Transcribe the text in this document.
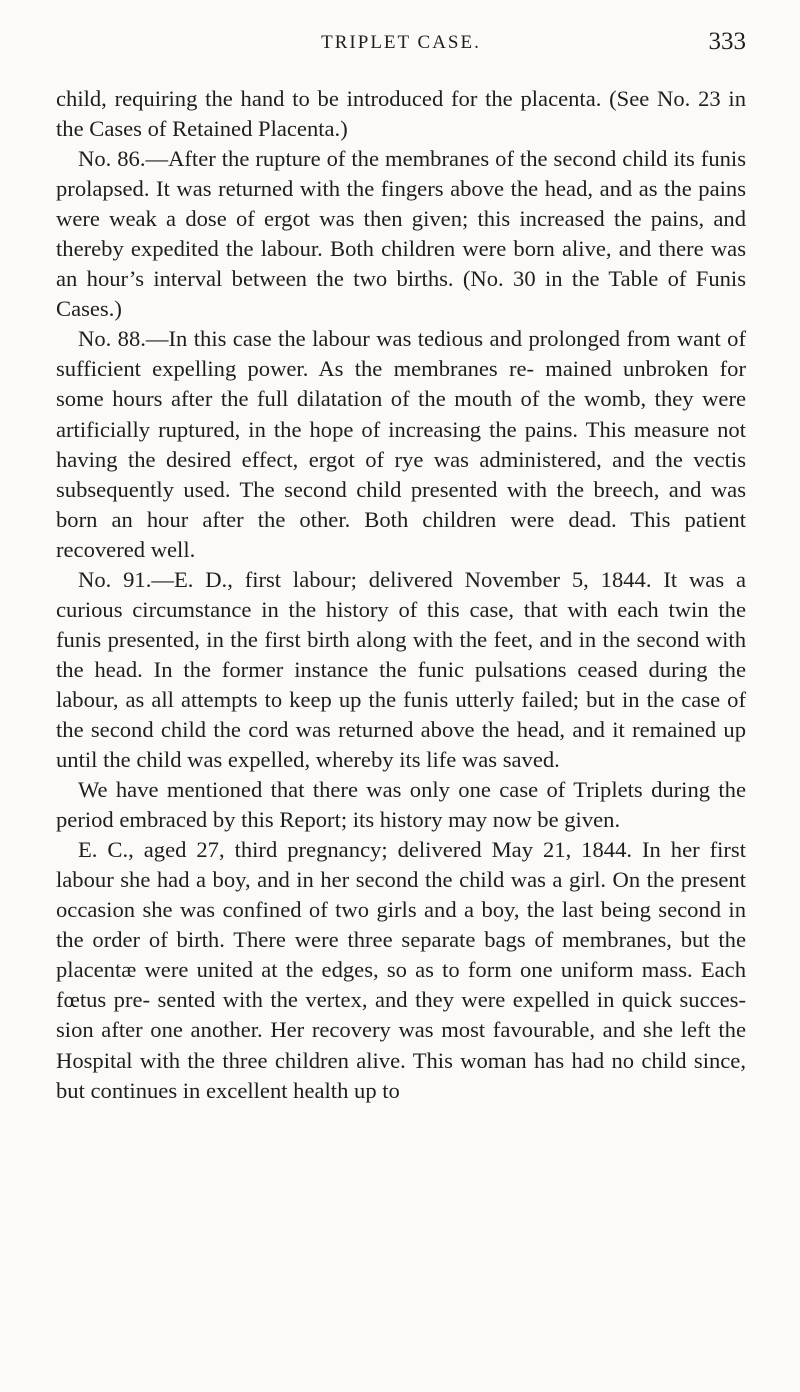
TRIPLET CASE.	333

child, requiring the hand to be introduced for the placenta. (See No. 23 in the Cases of Retained Placenta.)

No. 86.—After the rupture of the membranes of the second child its funis prolapsed. It was returned with the fingers above the head, and as the pains were weak a dose of ergot was then given; this increased the pains, and thereby expedited the labour. Both children were born alive, and there was an hour’s interval between the two births. (No. 30 in the Table of Funis Cases.)

No. 88.—In this case the labour was tedious and prolonged from want of sufficient expelling power. As the membranes re- mained unbroken for some hours after the full dilatation of the mouth of the womb, they were artificially ruptured, in the hope of increasing the pains. This measure not having the desired effect, ergot of rye was administered, and the vectis subsequently used. The second child presented with the breech, and was born an hour after the other. Both children were dead. This patient recovered well.

No. 91.—E. D., first labour; delivered November 5, 1844. It was a curious circumstance in the history of this case, that with each twin the funis presented, in the first birth along with the feet, and in the second with the head. In the former instance the funic pulsations ceased during the labour, as all attempts to keep up the funis utterly failed; but in the case of the second child the cord was returned above the head, and it remained up until the child was expelled, whereby its life was saved.

We have mentioned that there was only one case of Triplets during the period embraced by this Report; its history may now be given.

E. C., aged 27, third pregnancy; delivered May 21, 1844. In her first labour she had a boy, and in her second the child was a girl. On the present occasion she was confined of two girls and a boy, the last being second in the order of birth. There were three separate bags of membranes, but the placentæ were united at the edges, so as to form one uniform mass. Each fœtus pre- sented with the vertex, and they were expelled in quick succes- sion after one another. Her recovery was most favourable, and she left the Hospital with the three children alive. This woman has had no child since, but continues in excellent health up to
